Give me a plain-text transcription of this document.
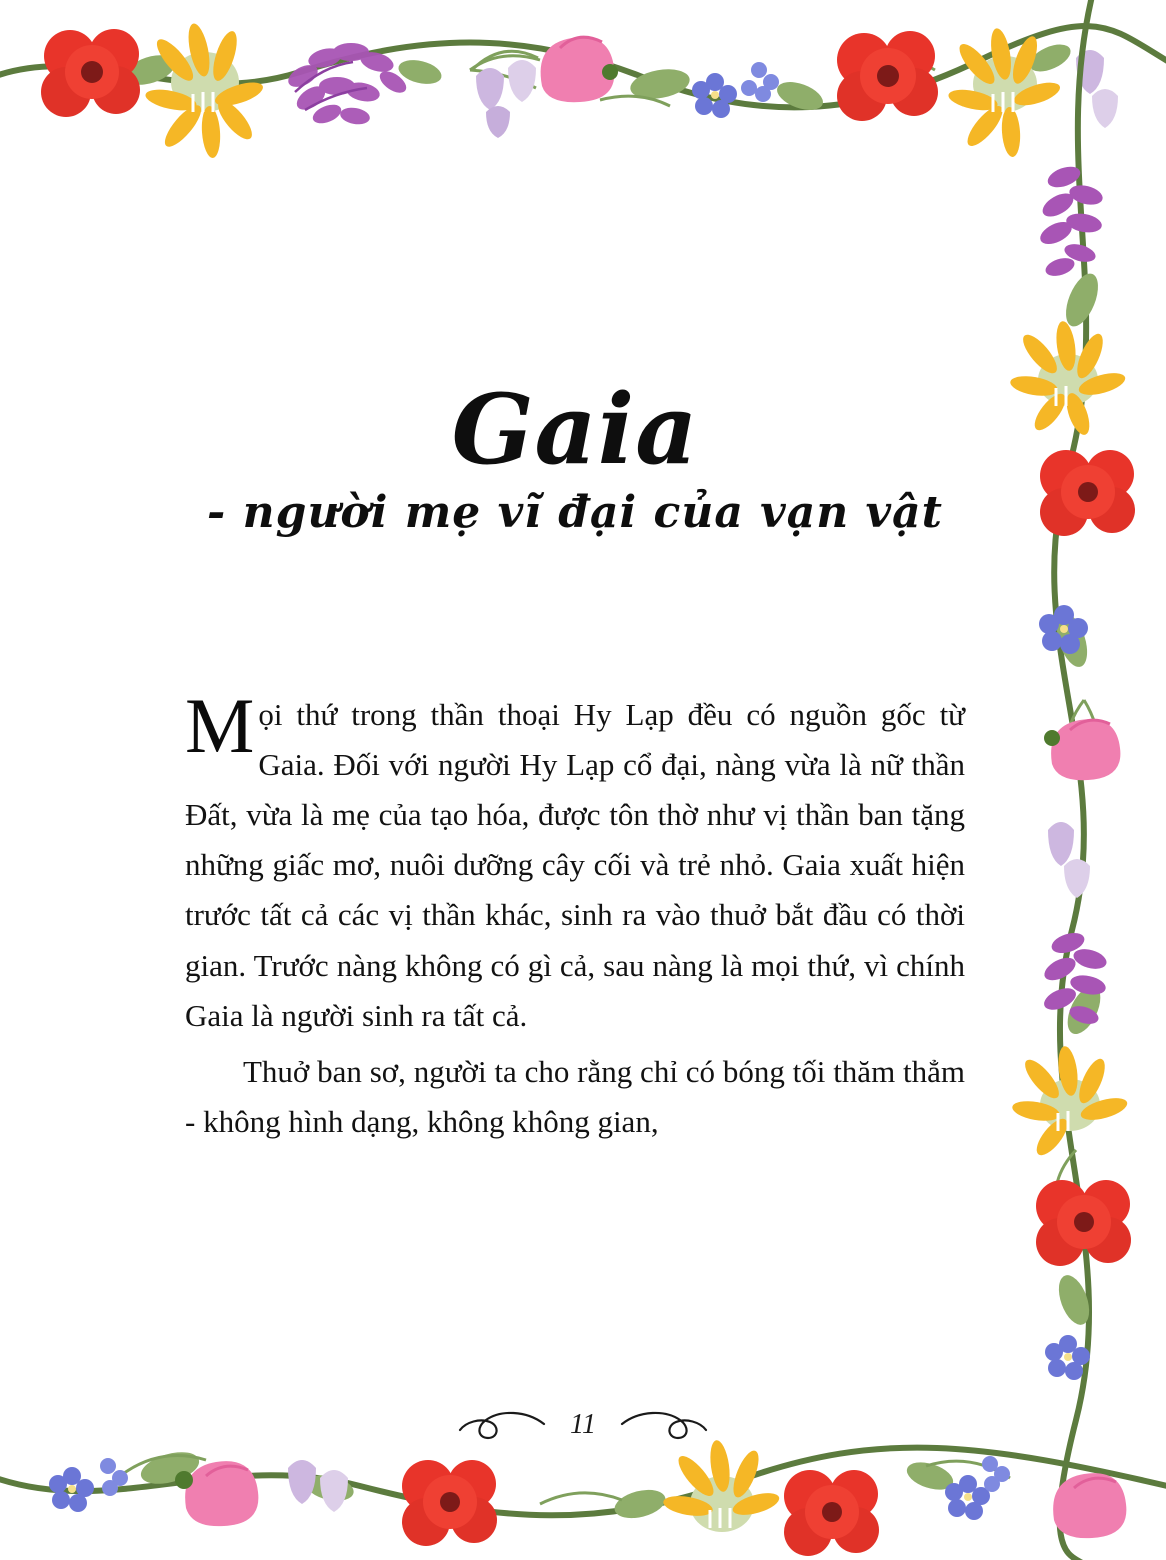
Gaia
- người mẹ vĩ đại của vạn vật

Mọi thứ trong thần thoại Hy Lạp đều có nguồn gốc từ Gaia. Đối với người Hy Lạp cổ đại, nàng vừa là nữ thần Đất, vừa là mẹ của tạo hóa, được tôn thờ như vị thần ban tặng những giấc mơ, nuôi dưỡng cây cối và trẻ nhỏ. Gaia xuất hiện trước tất cả các vị thần khác, sinh ra vào thuở bắt đầu có thời gian. Trước nàng không có gì cả, sau nàng là mọi thứ, vì chính Gaia là người sinh ra tất cả.

Thuở ban sơ, người ta cho rằng chỉ có bóng tối thăm thẳm - không hình dạng, không không gian,

11
